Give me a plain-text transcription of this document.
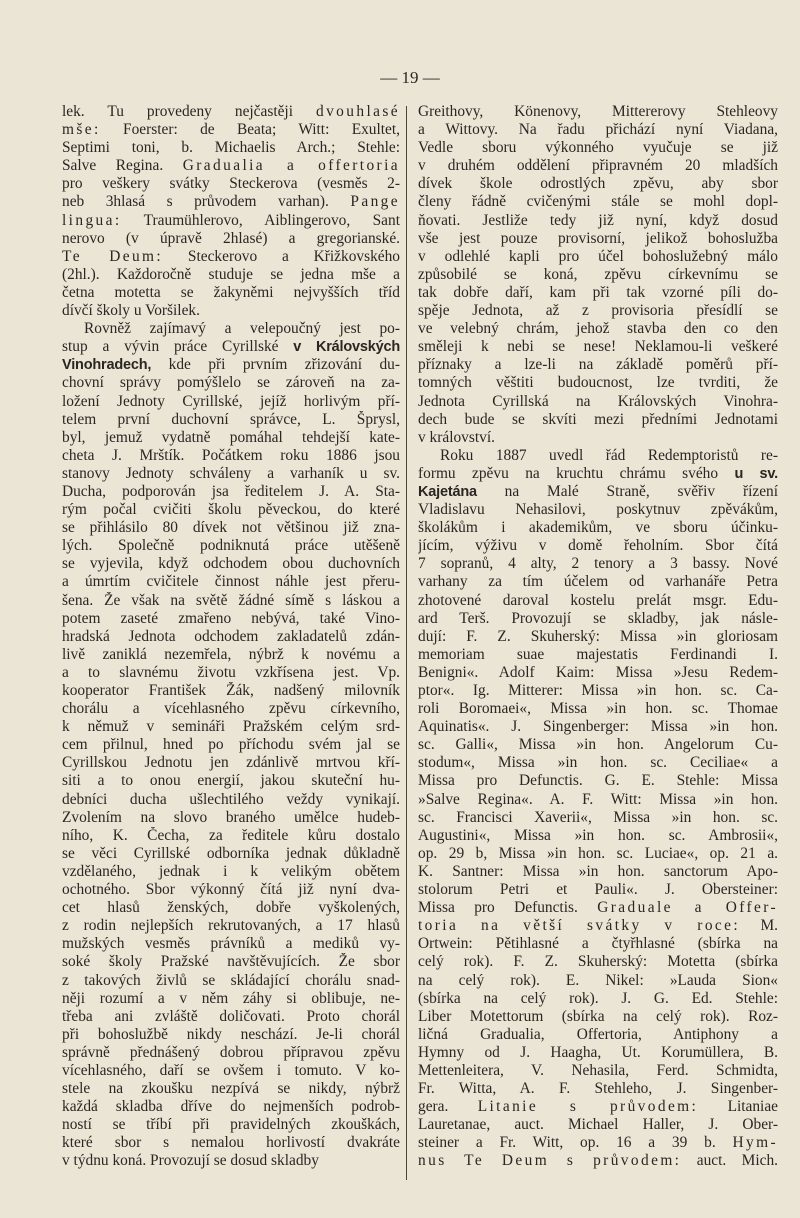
— 19 —
lek. Tu provedeny nejčastěji dvouhlasé
mše: Foerster: de Beata; Witt: Exultet,
Septimi toni, b. Michaelis Arch.; Stehle:
Salve Regina. Gradualia a offertoria
pro veškery svátky Steckerova (vesměs 2-
neb 3hlasá s průvodem varhan). Pange
lingua: Traumühlerovo, Aiblingerovo, Sant
nerovo (v úpravě 2hlasé) a gregorianské.
Te Deum: Steckerovo a Křižkovského
(2hl.). Každoročně studuje se jedna mše a
četna motetta se žakyněmi nejvyšších tříd
dívčí školy u Voršilek.
Rovněž zajímavý a velepoučný jest po-
stup a vývin práce Cyrillské v Královských
Vinohradech, kde při prvním zřizování du-
chovní správy pomýšlelo se zároveň na za-
ložení Jednoty Cyrillské, jejíž horlivým pří-
telem první duchovní správce, L. Šprysl,
byl, jemuž vydatně pomáhal tehdejší kate-
cheta J. Mrštík. Počátkem roku 1886 jsou
stanovy Jednoty schváleny a varhaník u sv.
Ducha, podporován jsa ředitelem J. A. Sta-
rým počal cvičiti školu pěveckou, do které
se přihlásilo 80 dívek not většinou již zna-
lých. Společně podniknutá práce utěšeně
se vyjevila, když odchodem obou duchovních
a úmrtím cvičitele činnost náhle jest přeru-
šena. Že však na světě žádné símě s láskou a
potem zaseté zmařeno nebývá, také Vino-
hradská Jednota odchodem zakladatelů zdán-
livě zaniklá nezemřela, nýbrž k novému a
a to slavnému životu vzkřísena jest. Vp.
kooperator František Žák, nadšený milovník
chorálu a vícehlasného zpěvu církevního,
k němuž v semináři Pražském celým srd-
cem přilnul, hned po příchodu svém jal se
Cyrillskou Jednotu jen zdánlivě mrtvou kří-
siti a to onou energií, jakou skuteční hu-
debníci ducha ušlechtilého veždy vynikají.
Zvolením na slovo braného umělce hudeb-
ního, K. Čecha, za ředitele kůru dostalo
se věci Cyrillské odborníka jednak důkladně
vzdělaného, jednak i k velikým obětem
ochotného. Sbor výkonný čítá již nyní dva-
cet hlasů ženských, dobře vyškolených,
z rodin nejlepších rekrutovaných, a 17 hlasů
mužských vesměs právníků a mediků vy-
soké školy Pražské navštěvujících. Že sbor
z takových živlů se skládající chorálu snad-
něji rozumí a v něm záhy si oblibuje, ne-
třeba ani zvláště doličovati. Proto chorál
při bohoslužbě nikdy neschází. Je-li chorál
správně přednášený dobrou přípravou zpěvu
vícehlasného, daří se ovšem i tomuto. V ko-
stele na zkoušku nezpívá se nikdy, nýbrž
každá skladba dříve do nejmenších podrob-
ností se tříbí při pravidelných zkouškách,
které sbor s nemalou horlivostí dvakráte
v týdnu koná. Provozují se dosud skladby
Greithovy, Könenovy, Mittererovy Stehleovy
a Wittovy. Na řadu přichází nyní Viadana,
Vedle sboru výkonného vyučuje se již
v druhém oddělení připravném 20 mladších
dívek škole odrostlých zpěvu, aby sbor
členy řádně cvičenými stále se mohl dopl-
ňovati. Jestliže tedy již nyní, když dosud
vše jest pouze provisorní, jelikož bohoslužba
v odlehlé kapli pro účel bohoslužebný málo
způsobilé se koná, zpěvu církevnímu se
tak dobře daří, kam při tak vzorné píli do-
spěje Jednota, až z provisoria přesídlí se
ve velebný chrám, jehož stavba den co den
směleji k nebi se nese! Neklamou-li veškeré
příznaky a lze-li na základě poměrů pří-
tomných věštiti budoucnost, lze tvrditi, že
Jednota Cyrillská na Královských Vinohra-
dech bude se skvíti mezi předními Jednotami
v království.
Roku 1887 uvedl řád Redemptoristů re-
formu zpěvu na kruchtu chrámu svého u sv.
Kajetána na Malé Straně, svěřiv řízení
Vladislavu Nehasilovi, poskytnuv zpěvákům,
školákům i akademikům, ve sboru účinku-
jícím, výživu v domě řeholním. Sbor čítá
7 sopranů, 4 alty, 2 tenory a 3 bassy. Nové
varhany za tím účelem od varhanáře Petra
zhotovené daroval kostelu prelát msgr. Edu-
ard Terš. Provozují se skladby, jak násle-
dují: F. Z. Skuherský: Missa »in gloriosam
memoriam suae majestatis Ferdinandi I.
Benigni«. Adolf Kaim: Missa »Jesu Redem-
ptor«. Ig. Mitterer: Missa »in hon. sc. Ca-
roli Boromaei«, Missa »in hon. sc. Thomae
Aquinatis«. J. Singenberger: Missa »in hon.
sc. Galli«, Missa »in hon. Angelorum Cu-
stodum«, Missa »in hon. sc. Ceciliae« a
Missa pro Defunctis. G. E. Stehle: Missa
»Salve Regina«. A. F. Witt: Missa »in hon.
sc. Francisci Xaverii«, Missa »in hon. sc.
Augustini«, Missa »in hon. sc. Ambrosii«,
op. 29 b, Missa »in hon. sc. Luciae«, op. 21 a.
K. Santner: Missa »in hon. sanctorum Apo-
stolorum Petri et Pauli«. J. Obersteiner:
Missa pro Defunctis. Graduale a Offer-
toria na větší svátky v roce: M.
Ortwein: Pětihlasné a čtyřhlasné (sbírka na
celý rok). F. Z. Skuherský: Motetta (sbírka
na celý rok). E. Nikel: »Lauda Sion«
(sbírka na celý rok). J. G. Ed. Stehle:
Liber Motettorum (sbírka na celý rok). Roz-
ličná Gradualia, Offertoria, Antiphony a
Hymny od J. Haagha, Ut. Korumüllera, B.
Mettenleitera, V. Nehasila, Ferd. Schmidta,
Fr. Witta, A. F. Stehleho, J. Singenber-
gera. Litanie s průvodem: Litaniae
Lauretanae, auct. Michael Haller, J. Ober-
steiner a Fr. Witt, op. 16 a 39 b. Hym-
nus Te Deum s průvodem: auct. Mich.
